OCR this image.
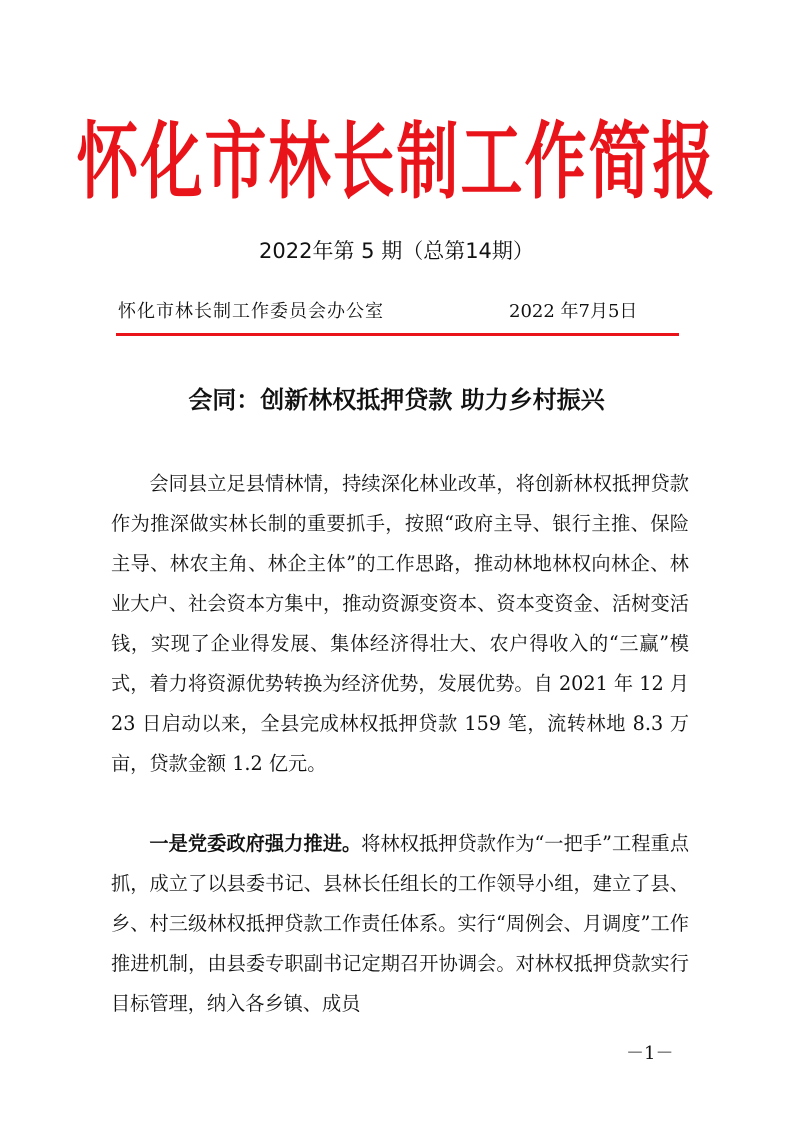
怀化市林长制工作简报
2022年第 5 期（总第14期）
怀化市林长制工作委员会办公室	2022 年7月5日
会同：创新林权抵押贷款 助力乡村振兴

会同县立足县情林情，持续深化林业改革，将创新林权抵押贷款作为推深做实林长制的重要抓手，按照“政府主导、银行主推、保险主导、林农主角、林企主体”的工作思路，推动林地林权向林企、林业大户、社会资本方集中，推动资源变资本、资本变资金、活树变活钱，实现了企业得发展、集体经济得壮大、农户得收入的“三赢”模式，着力将资源优势转换为经济优势，发展优势。自 2021 年 12 月 23 日启动以来，全县完成林权抵押贷款 159 笔，流转林地 8.3 万亩，贷款金额 1.2 亿元。

一是党委政府强力推进。将林权抵押贷款作为“一把手”工程重点抓，成立了以县委书记、县林长任组长的工作领导小组，建立了县、乡、村三级林权抵押贷款工作责任体系。实行“周例会、月调度”工作推进机制，由县委专职副书记定期召开协调会。对林权抵押贷款实行目标管理，纳入各乡镇、成员

－1－
